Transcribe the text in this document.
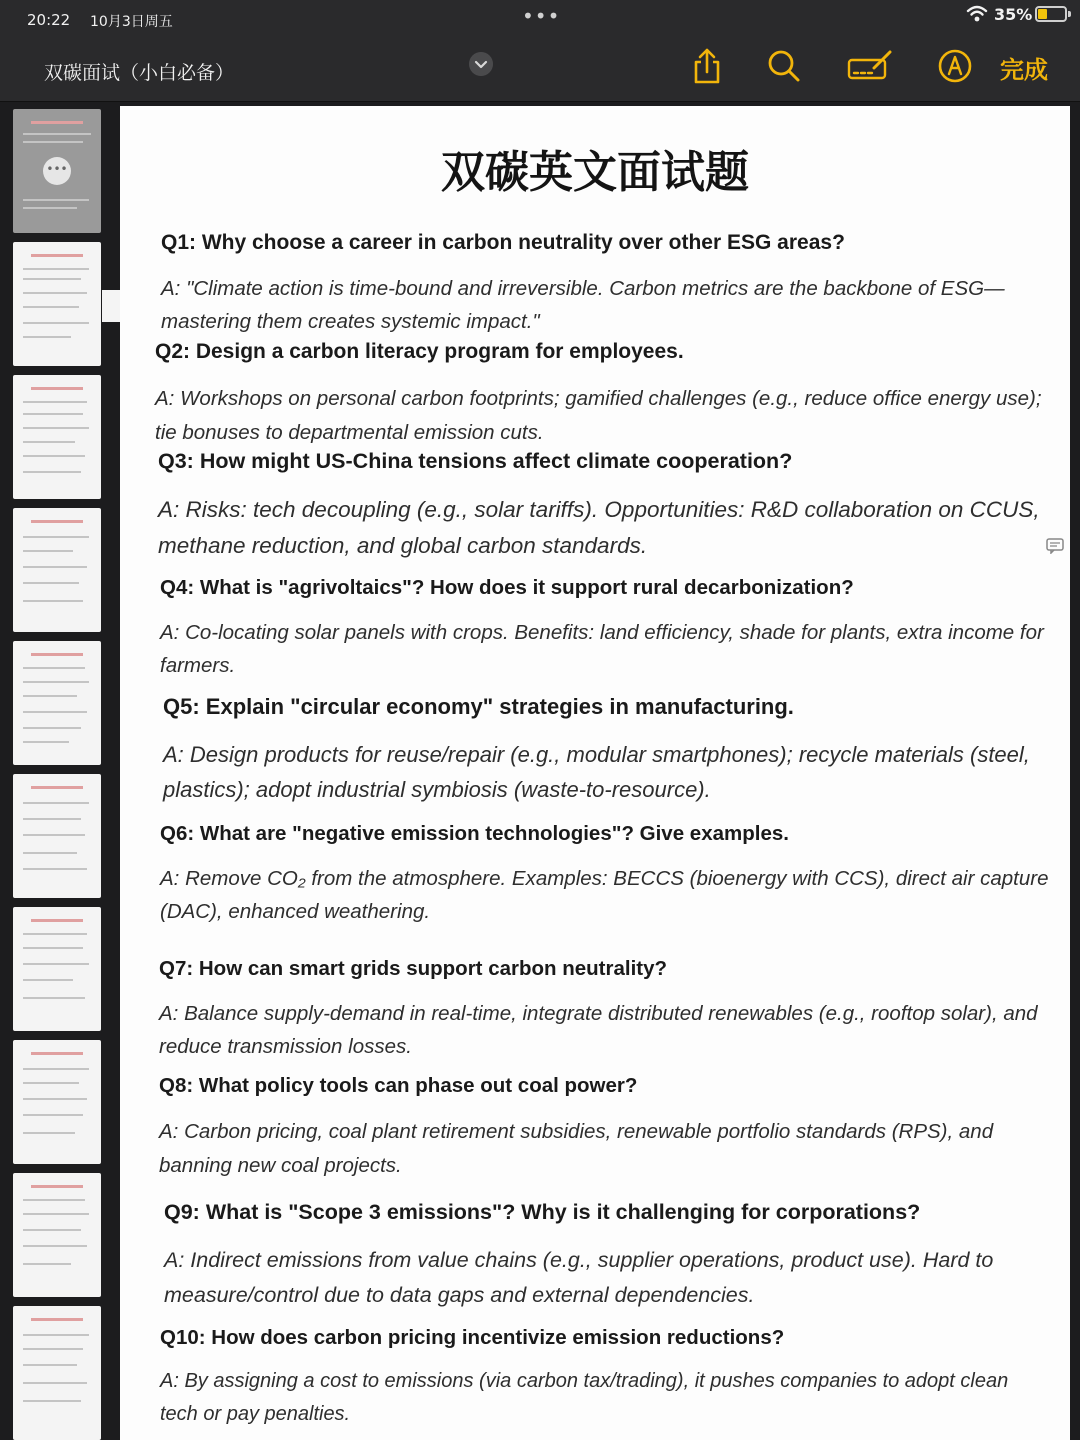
20:22 10月3日周五	•••	35%
双碳面试（小白必备）	完成
•••	双碳英文面试题
Q1: Why choose a career in carbon neutrality over other ESG areas?
A: "Climate action is time-bound and irreversible. Carbon metrics are the backbone of ESG—mastering them creates systemic impact."
Q2: Design a carbon literacy program for employees.
A: Workshops on personal carbon footprints; gamified challenges (e.g., reduce office energy use); tie bonuses to departmental emission cuts.
Q3: How might US-China tensions affect climate cooperation?
A: Risks: tech decoupling (e.g., solar tariffs). Opportunities: R&D collaboration on CCUS, methane reduction, and global carbon standards.
Q4: What is "agrivoltaics"? How does it support rural decarbonization?
A: Co-locating solar panels with crops. Benefits: land efficiency, shade for plants, extra income for farmers.
Q5: Explain "circular economy" strategies in manufacturing.
A: Design products for reuse/repair (e.g., modular smartphones); recycle materials (steel, plastics); adopt industrial symbiosis (waste-to-resource).
Q6: What are "negative emission technologies"? Give examples.
A: Remove CO₂ from the atmosphere. Examples: BECCS (bioenergy with CCS), direct air capture (DAC), enhanced weathering.
Q7: How can smart grids support carbon neutrality?
A: Balance supply-demand in real-time, integrate distributed renewables (e.g., rooftop solar), and reduce transmission losses.
Q8: What policy tools can phase out coal power?
A: Carbon pricing, coal plant retirement subsidies, renewable portfolio standards (RPS), and banning new coal projects.
Q9: What is "Scope 3 emissions"? Why is it challenging for corporations?
A: Indirect emissions from value chains (e.g., supplier operations, product use). Hard to measure/control due to data gaps and external dependencies.
Q10: How does carbon pricing incentivize emission reductions?
A: By assigning a cost to emissions (via carbon tax/trading), it pushes companies to adopt clean tech or pay penalties.
